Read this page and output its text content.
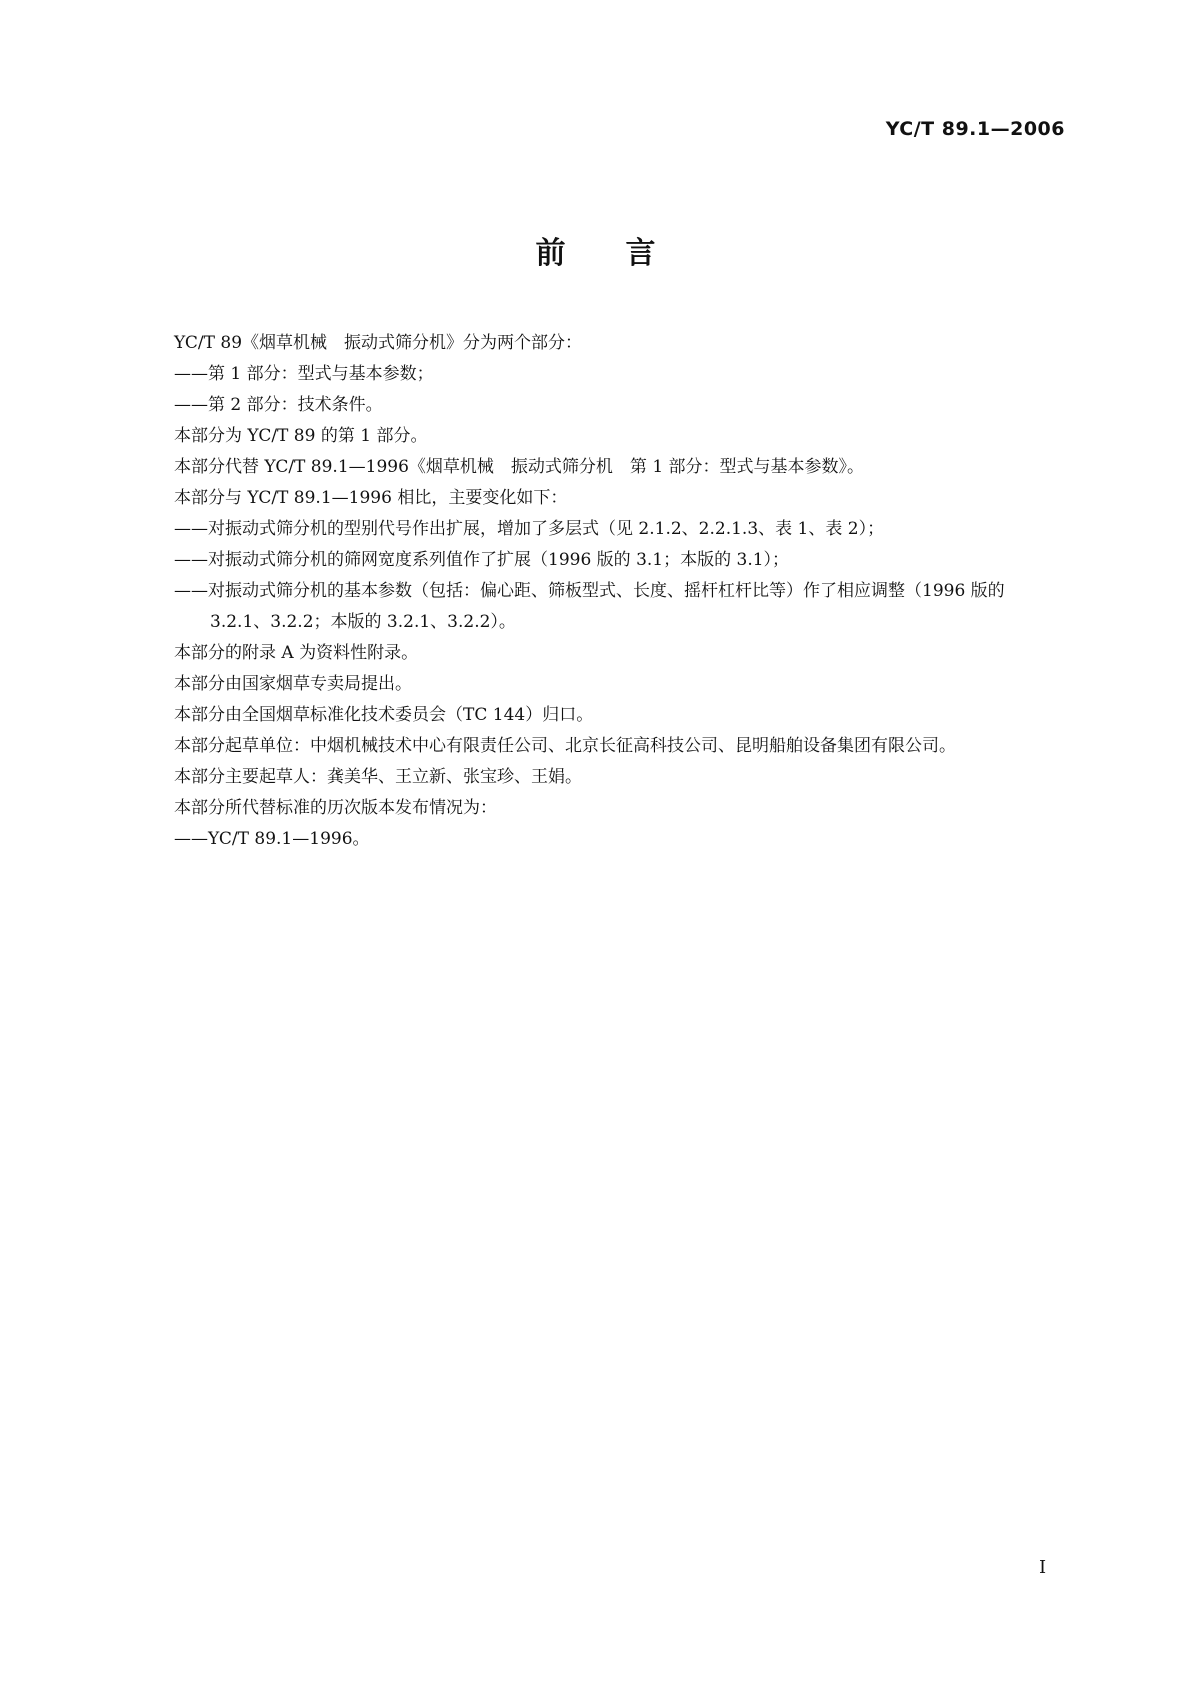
YC/T 89.1—2006
前言

YC/T 89《烟草机械　振动式筛分机》分为两个部分：

——第 1 部分：型式与基本参数；

——第 2 部分：技术条件。

本部分为 YC/T 89 的第 1 部分。

本部分代替 YC/T 89.1—1996《烟草机械　振动式筛分机　第 1 部分：型式与基本参数》。

本部分与 YC/T 89.1—1996 相比，主要变化如下：

——对振动式筛分机的型别代号作出扩展，增加了多层式（见 2.1.2、2.2.1.3、表 1、表 2）；

——对振动式筛分机的筛网宽度系列值作了扩展（1996 版的 3.1；本版的 3.1）；

——对振动式筛分机的基本参数（包括：偏心距、筛板型式、长度、摇杆杠杆比等）作了相应调整（1996 版的 3.2.1、3.2.2；本版的 3.2.1、3.2.2）。

本部分的附录 A 为资料性附录。

本部分由国家烟草专卖局提出。

本部分由全国烟草标准化技术委员会（TC 144）归口。

本部分起草单位：中烟机械技术中心有限责任公司、北京长征高科技公司、昆明船舶设备集团有限公司。

本部分主要起草人：龚美华、王立新、张宝珍、王娟。

本部分所代替标准的历次版本发布情况为：

——YC/T 89.1—1996。

I
